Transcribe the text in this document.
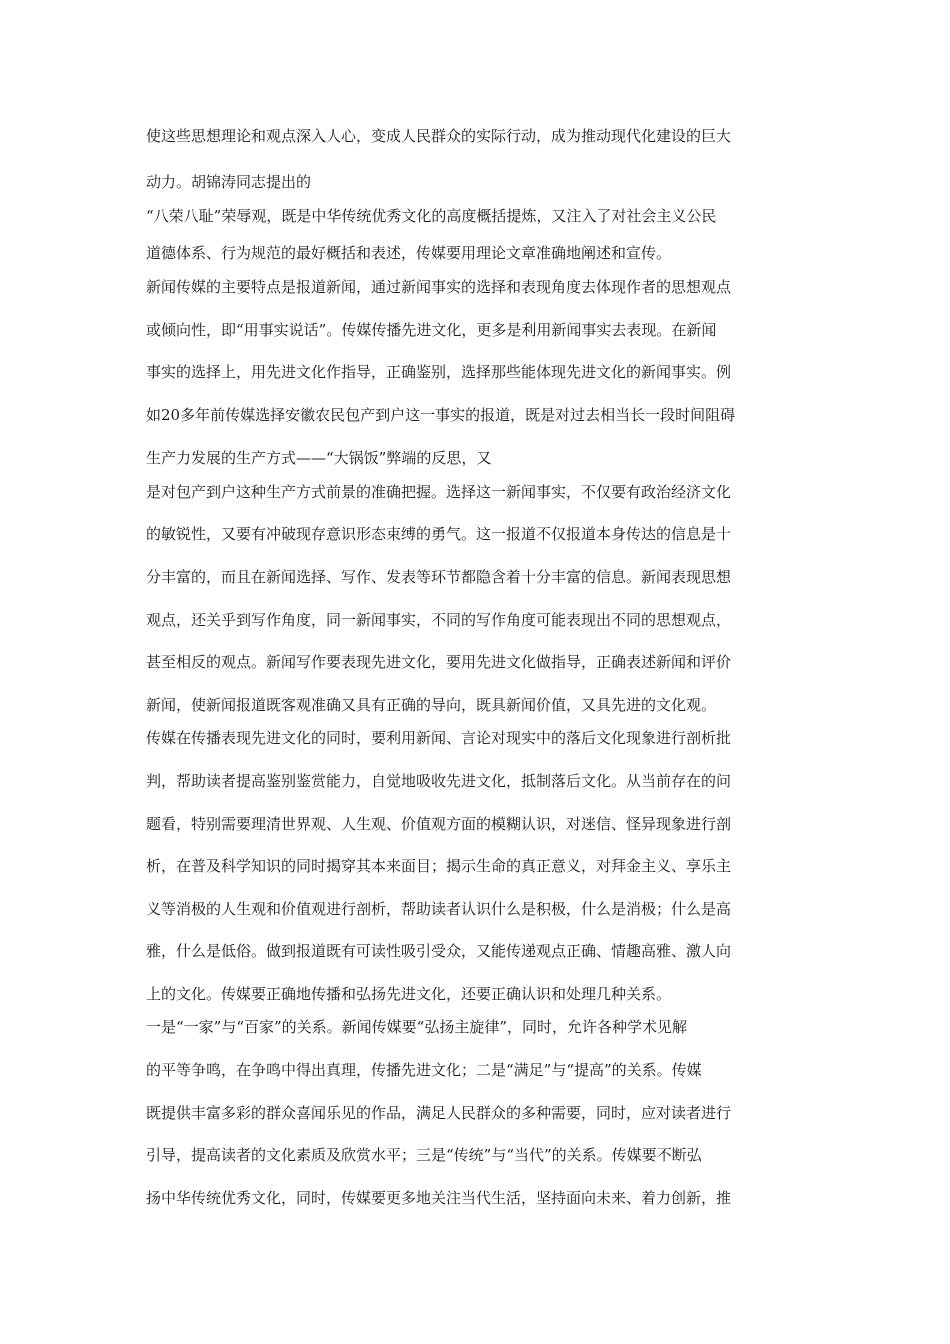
使这些思想理论和观点深入人心，变成人民群众的实际行动，成为推动现代化建设的巨大
动力。胡锦涛同志提出的
“八荣八耻”荣辱观，既是中华传统优秀文化的高度概括提炼，又注入了对社会主义公民
道德体系、行为规范的最好概括和表述，传媒要用理论文章准确地阐述和宣传。
新闻传媒的主要特点是报道新闻，通过新闻事实的选择和表现角度去体现作者的思想观点
或倾向性，即“用事实说话”。传媒传播先进文化，更多是利用新闻事实去表现。在新闻
事实的选择上，用先进文化作指导，正确鉴别，选择那些能体现先进文化的新闻事实。例
如20多年前传媒选择安徽农民包产到户这一事实的报道，既是对过去相当长一段时间阻碍
生产力发展的生产方式——“大锅饭”弊端的反思，又
是对包产到户这种生产方式前景的准确把握。选择这一新闻事实，不仅要有政治经济文化
的敏锐性，又要有冲破现存意识形态束缚的勇气。这一报道不仅报道本身传达的信息是十
分丰富的，而且在新闻选择、写作、发表等环节都隐含着十分丰富的信息。新闻表现思想
观点，还关乎到写作角度，同一新闻事实，不同的写作角度可能表现出不同的思想观点，
甚至相反的观点。新闻写作要表现先进文化，要用先进文化做指导，正确表述新闻和评价
新闻，使新闻报道既客观准确又具有正确的导向，既具新闻价值，又具先进的文化观。
传媒在传播表现先进文化的同时，要利用新闻、言论对现实中的落后文化现象进行剖析批
判，帮助读者提高鉴别鉴赏能力，自觉地吸收先进文化，抵制落后文化。从当前存在的问
题看，特别需要理清世界观、人生观、价值观方面的模糊认识，对迷信、怪异现象进行剖
析，在普及科学知识的同时揭穿其本来面目；揭示生命的真正意义，对拜金主义、享乐主
义等消极的人生观和价值观进行剖析，帮助读者认识什么是积极，什么是消极；什么是高
雅，什么是低俗。做到报道既有可读性吸引受众，又能传递观点正确、情趣高雅、激人向
上的文化。传媒要正确地传播和弘扬先进文化，还要正确认识和处理几种关系。
一是“一家”与“百家”的关系。新闻传媒要“弘扬主旋律”，同时，允许各种学术见解
的平等争鸣，在争鸣中得出真理，传播先进文化；二是“满足”与“提高”的关系。传媒
既提供丰富多彩的群众喜闻乐见的作品，满足人民群众的多种需要，同时，应对读者进行
引导，提高读者的文化素质及欣赏水平；三是“传统”与“当代”的关系。传媒要不断弘
扬中华传统优秀文化，同时，传媒要更多地关注当代生活，坚持面向未来、着力创新，推
